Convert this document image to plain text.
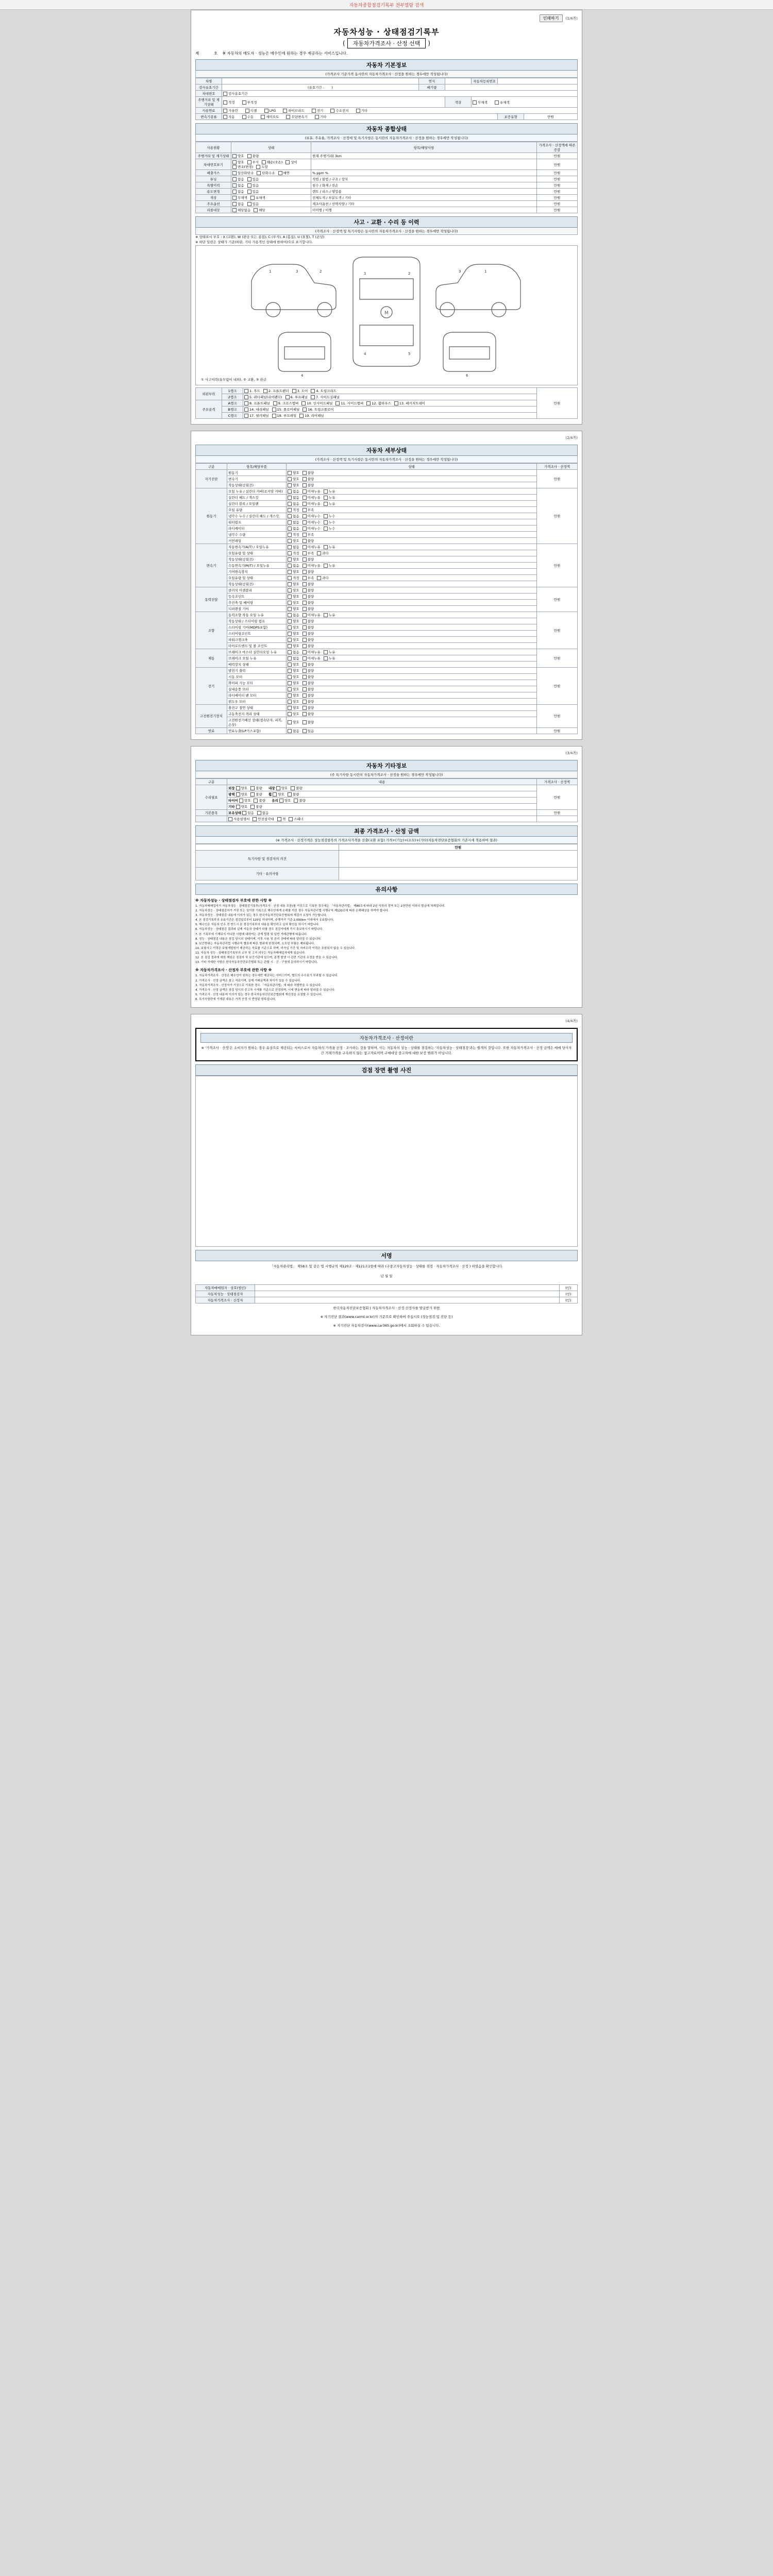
자동차종합점검기록부 전부열람 검색
인쇄하기	(1/4쪽)
자동차성능 · 상태점검기록부
( 자동차가격조사 · 산정 선택 )
제	호 ※ 자동차의 매도자 · 성능은 매수인에 원하는 경우 제공하는 서비스입니다.
자동차 기본정보
(가격조사 기준가격 동시란의 자동차가격조사 · 산정을 원하는 경우에만 작성됩니다)
차명		연식		자동차등록번호		
검사유효기간	(유효기간 :       )	배기량				
차대번호	검사유효기간					
주행거리 및 계기상태	적정 부적정		색상	무채색 유채색		
사용연료	가솔린 디젤 LPG 하이브리드 전기 수소전지 기타					
변속기종류	자동 수동 세미오토 무단변속기 기타				보증유형	만원
자동차 종합상태
(보유, 주유율, 가격조사 · 산정에 및 특기사항은 동시란의 자동차가격조사 · 산정을 원하는 경우에만 작성됩니다)
사용현황	상태	항목/해당사항	가격조사 · 산정액에 따른 증감
주행거리 및 계기상태	양호 불량	현재 주행거리( )km	만원
차대번호표기	양호 부식 훼손(오손) 상이변조(변경) 도말		만원
배출가스	일산화탄소 탄화수소 매연	% ppm %	만원
튜닝	없음 있음	적법 / 불법 / 구조 / 장치	만원
특별이력	없음 있음	침수 / 화재 / 전손	만원
용도변경	없음 있음	렌트 / 리스 / 영업용	만원
색상	무채색 유채색	전체도색 / 부분도색 / 기타	만원
주요옵션	없음 있음	제조사옵션 / 선택사양 / 기타	만원
리콜대상	해당없음 해당	미이행 / 이행	만원
사고 · 교환 · 수리 등 이력
(가격조사 · 산정액 및 특기사항은 동시란의 자동차가격조사 · 산정을 원하는 경우에만 작성됩니다)
※ 상태표시 부호 : X (교환), W (판금 또는 용접), C (부식), A (흠집), U (요철), T (손상)
※ 하단 일련은 상태가 기준(외판, 기타 가용적인 상태에 한하여)으로 표기합니다.
M
1	3	2	1	2
4	5
1
3
4	6
① 사고이력(유무없이 내외), ② 교환, ③ 판금
외판부위	1랭크	1. 후드 2. 프론트펜더 3. 도어 4. 트렁크리드	만원
	2랭크	5. 쿼터패널(리어펜더) 6. 루프패널 7. 사이드실패널	
주요골격	A랭크	8. 프론트패널 9. 크로스멤버 10. 인사이드패널 11. 사이드멤버 12. 휠하우스 13. 패키지트레이	
	B랭크	14. 대쉬패널 15. 플로어패널 16. 트렁크플로어	
	C랭크	17. 필러패널 18. 루프레일 19. 리어패널	
(2/4쪽)
자동차 세부상태
(가격조사 · 산정액 및 특기사항은 동시란의 자동차가격조사 · 산정을 원하는 경우에만 작성됩니다)
구분	항목/해당부품	상태	가격조사 · 산정액
자기진단	원동기	양호 불량	만원
	변속기	양호 불량	
	작동상태(공회전)	양호 불량	
원동기	오일 누유 / 실린더 커버(로커암 커버)	없음 미세누유 누유	만원
	실린더 헤드 / 개스킷	없음 미세누유 누유	
	실린더 블록 / 오일팬	없음 미세누유 누유	
	오일 유량	적정 부족	
	냉각수 누수 / 실린더 헤드 / 개스킷	없음 미세누수 누수	
	워터펌프	없음 미세누수 누수	
	라디에이터	없음 미세누수 누수	
	냉각수 수량	적정 부족	
	커먼레일	양호 불량	
변속기	자동변속기(A/T) / 오일누유	없음 미세누유 누유	만원
	오일유량 및 상태	적정 부족 과다	
	작동상태(공회전)	양호 불량	
	수동변속기(M/T) / 오일누유	없음 미세누유 누유	
	기어변속장치	양호 불량	
	오일유량 및 상태	적정 부족 과다	
	작동상태(공회전)	양호 불량	
동력전달	클러치 어셈블리	양호 불량	만원
	등속조인트	양호 불량	
	추진축 및 베어링	양호 불량	
	디퍼렌셜 기어	양호 불량	
조향	동력조향 작동 오일 누유	없음 미세누유 누유	만원
	작동상태 / 스티어링 펌프	양호 불량	
	스티어링 기어(MDPS포함)	양호 불량	
	스티어링조인트	양호 불량	
	파워크랭크축	양호 불량	
	타이로드엔드 및 볼 조인트	양호 불량	
제동	브레이크 마스터 실린더오일 누유	없음 미세누유 누유	만원
	브레이크 오일 누유	없음 미세누유 누유	
	배력장치 상태	양호 불량	
전기	발전기 출력	양호 불량	만원
	시동 모터	양호 불량	
	와이퍼 기능 모터	양호 불량	
	실내송풍 모터	양호 불량	
	라디에이터 팬 모터	양호 불량	
	윈도우 모터	양호 불량	
고전원전기장치	충전구 절연 상태	양호 불량	만원
	구동축전지 격리 상태	양호 불량	
	고전원전기배선 상태(접속단자, 피복, 손상)	양호 불량	
연료	연료누출(LP가스포함)	없음 있음	만원
(3/4쪽)
자동차 기타정보
(주 특기사항 동시란의 자동차가격조사 · 산정을 원하는 경우에만 작성됩니다)
구분	내용	가격조사 · 산정액
수리필요	외장 양호 불량 내장 양호 불량	만원
	광택 양호 불량 휠 양호 불량	
	타이어 양호 불량 유리 양호 불량	
	기타 양호 불량	
기본품목	보유상태 있음 없음	만원
	사용설명서 안전삼각대 잭 스패너	
최종 가격조사 · 산정 금액
(※ 가격조사 · 산정가격은 성능점검항목의 가격조사가격을 산출(교환 포함) 가격+(기능)+(소모)+(기타)자동차진단보증협회의 기준시세 적용하여 결과)
	만원
특기사항 및 점검자의 의견	
기타 · 유의사항	
유의사항
※ 자동차성능 · 상태점검자 부호에 관한 사항 ※

1. 자동차매매업자가 자동차성능 · 상태점검기록부(가격조사 · 산정 내용 포함)를 거짓으로 기록한 경우에는 「자동차관리법」 제80조에 따라 2년 이하의 징역 또는 2천만원 이하의 벌금에 처해집니다.

2. 자동차성능 · 상태점검자가 거짓 또는 상이한 기록으로 매수인에게 손해를 끼친 경우 자동차관리법 시행규칙 제120조에 따라 손해배상을 하여야 합니다.

3. 자동차성능 · 상태점검 내용에 이의가 있는 경우 한국자동차진단보증협회에 재검사 요청이 가능합니다.

4. 본 점검기록부의 유효기간은 점검일로부터 120일 이내이며, 주행거리 기준 2,000km 이내에서 유효합니다.

5. 매수인은 자동차 인수 전 반드시 본 점검기록부의 내용을 확인하고 실차 확인을 하시기 바랍니다.

6. 자동차성능 · 상태점검 결과와 실제 자동차 상태가 다를 경우 점검자에게 즉시 통보하시기 바랍니다.

7. 본 기록부에 기재되지 아니한 사항에 대하여는 관계 법령 및 일반 거래관행에 따릅니다.

8. 성능 · 상태점검 내용은 점검 당시의 상태이며, 이후 사용 및 관리 상태에 따라 달라질 수 있습니다.

9. 보증범위는 자동차관리법 시행규칙 별표에 따른 범위에 한정되며, 소모성 부품은 제외됩니다.

10. 보험사고 이력은 보험개발원이 제공하는 자료를 기준으로 하며, 미가입 기간 및 자비수리 이력은 포함되지 않을 수 있습니다.

11. 자동차 성능 · 상태점검기록부의 교부 및 고지 의무는 자동차매매업자에게 있습니다.

12. 본 점검 결과에 대한 책임은 점검자 및 보증기관에 있으며, 분쟁 발생 시 관련 기관의 조정을 받을 수 있습니다.

13. 기타 자세한 사항은 한국자동차진단보증협회 또는 관할 시 · 군 · 구청에 문의하시기 바랍니다.

※ 자동차가격조사 · 산정자 부호에 관한 사항 ※

1. 자동차가격조사 · 산정은 매수인이 원하는 경우에만 제공되는 서비스이며, 별도의 수수료가 부과될 수 있습니다.

2. 가격조사 · 산정 금액은 참고 자료이며, 실제 거래금액과 차이가 있을 수 있습니다.

3. 자동차가격조사 · 산정자가 거짓으로 기록한 경우 「자동차관리법」에 따라 처벌받을 수 있습니다.

4. 가격조사 · 산정 금액은 점검 당시의 중고차 시세를 기준으로 산정되며, 시세 변동에 따라 달라질 수 있습니다.

5. 가격조사 · 산정 내용에 이의가 있는 경우 한국자동차진단보증협회에 재산정을 요청할 수 있습니다.

6. 특기사항란에 기재된 내용은 가격 산정 시 반영된 항목입니다.

(4/4쪽)
자동차가격조사 · 산정이란
※ '가격조사 · 산정'은 소비자가 원하는 경우 유상으로 제공되는 서비스로서 자동차의 가격을 산정 · 조사하는 것을 말하며, 이는 자동차의 성능 · 상태를 점검하는 '자동차성능 · 상태점검'과는 별개의 것입니다. 또한 자동차가격조사 · 산정 금액은 매매 당사자 간 거래가격을 구속하지 않는 참고자료이며 구매대상 중고차에 대한 보증 범위가 아닙니다.
검점 장면 촬영 사진
서명
「자동차관리법」 제58조 및 같은 법 시행규칙 제120조 · 제121조1항에 따라 (구중고자동차성능 · 상태를 점검 · 자동차가격조사 · 산정 ) 하였음을 확인합니다.
년 월 일
자동차매매업자 · 상호(법인)		(인)
자동차성능 · 상태점검자		(인)
자동차가격조사 · 산정자		(인)
한국자동차진단보증협회 | 자동차자격조사 · 산정 산정사를 발급받기 위한
※ 자기진단 결과(www.carmt.or.kr)의 기준으로 확인하여 주십시오 (성능점검 및 진단 등)
※ 자기진단 자동차검사(www.car365.go.kr)에서 조회하실 수 있습니다.
